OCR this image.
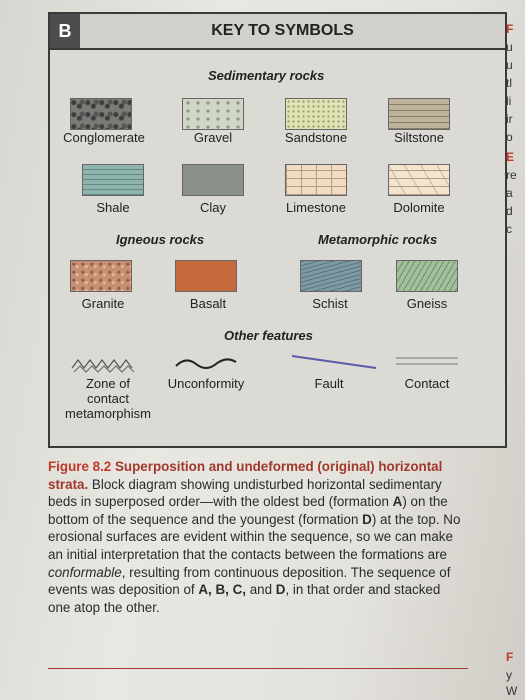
B	KEY TO SYMBOLS
Sedimentary rocks
Conglomerate	Gravel	Sandstone	Siltstone
Shale	Clay	Limestone	Dolomite
Igneous rocks	Metamorphic rocks
Granite	Basalt	Schist	Gneiss
Other features
Zone of
contact
metamorphism
Unconformity	Fault	Contact
Figure 8.2 Superposition and undeformed (original) horizontal strata. Block diagram showing undisturbed horizontal sedimentary beds in superposed order—with the oldest bed (formation A) on the bottom of the sequence and the youngest (formation D) at the top. No erosional surfaces are evident within the sequence, so we can make an initial interpretation that the contacts between the formations are conformable, resulting from continuous deposition. The sequence of events was deposition of A, B, C, and D, in that order and stacked one atop the other.
F
u
u
tl
li
ir
o
E
re
a
d
c
F
y
W
